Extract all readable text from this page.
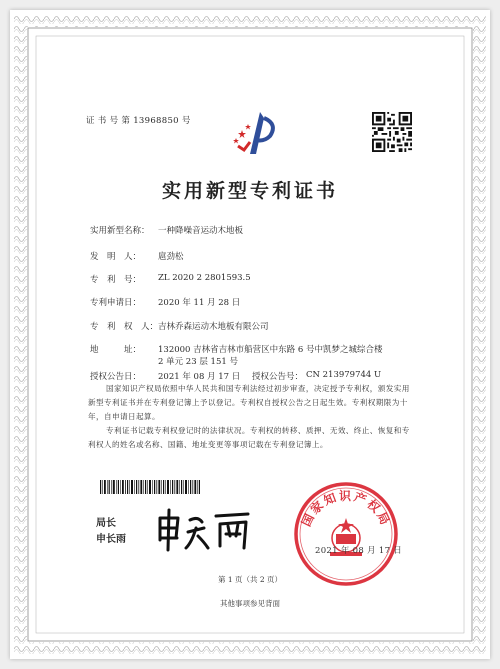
证 书 号 第 13968850 号
实用新型专利证书
实用新型名称： 一种降噪音运动木地板
发　明　人： 扈劲松
专　利　号： ZL 2020 2 2801593.5
专利申请日： 2020 年 11 月 28 日
专　利　权　人： 吉林乔森运动木地板有限公司
地　　　址： 132000 吉林省吉林市船营区中东路 6 号中凯梦之城综合楼
2 单元 23 层 151 号
授权公告日： 2021 年 08 月 17 日 授权公告号： CN 213979744 U
国家知识产权局依照中华人民共和国专利法经过初步审查，决定授予专利权，颁发实用新型专利证书并在专利登记簿上予以登记。专利权自授权公告之日起生效。专利权期限为十年，自申请日起算。
专利证书记载专利权登记时的法律状况。专利权的转移、质押、无效、终止、恢复和专利权人的姓名或名称、国籍、地址变更等事项记载在专利登记簿上。
局长
申长雨
国家知识产权局
2021 年 08 月 17 日
第 1 页（共 2 页）
其他事项参见背面
